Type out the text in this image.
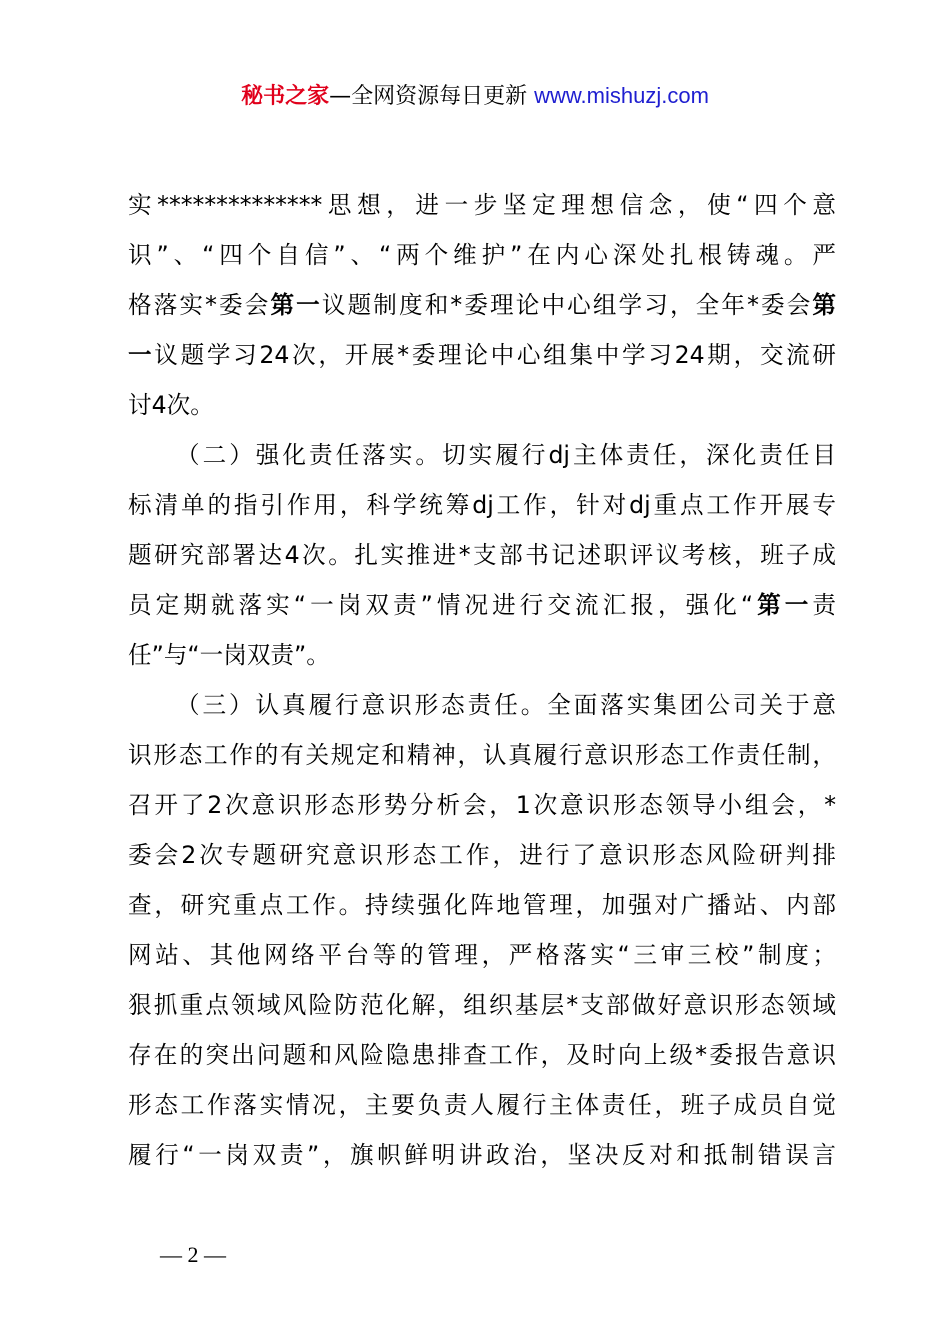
秘书之家—全网资源每日更新 www.mishuzj.com
实**************思想，进一步坚定理想信念，使“四个意
识”、“四个自信”、“两个维护”在内心深处扎根铸魂。严
格落实*委会第一议题制度和*委理论中心组学习，全年*委会第
一议题学习24次，开展*委理论中心组集中学习24期，交流研
讨4次。
（二）强化责任落实。切实履行dj主体责任，深化责任目
标清单的指引作用，科学统筹dj工作，针对dj重点工作开展专
题研究部署达4次。扎实推进*支部书记述职评议考核，班子成
员定期就落实“一岗双责”情况进行交流汇报，强化“第一责
任”与“一岗双责”。
（三）认真履行意识形态责任。全面落实集团公司关于意
识形态工作的有关规定和精神，认真履行意识形态工作责任制，
召开了2次意识形态形势分析会，1次意识形态领导小组会，*
委会2次专题研究意识形态工作，进行了意识形态风险研判排
查，研究重点工作。持续强化阵地管理，加强对广播站、内部
网站、其他网络平台等的管理，严格落实“三审三校”制度；
狠抓重点领域风险防范化解，组织基层*支部做好意识形态领域
存在的突出问题和风险隐患排查工作，及时向上级*委报告意识
形态工作落实情况，主要负责人履行主体责任，班子成员自觉
履行“一岗双责”，旗帜鲜明讲政治，坚决反对和抵制错误言
— 2 —
